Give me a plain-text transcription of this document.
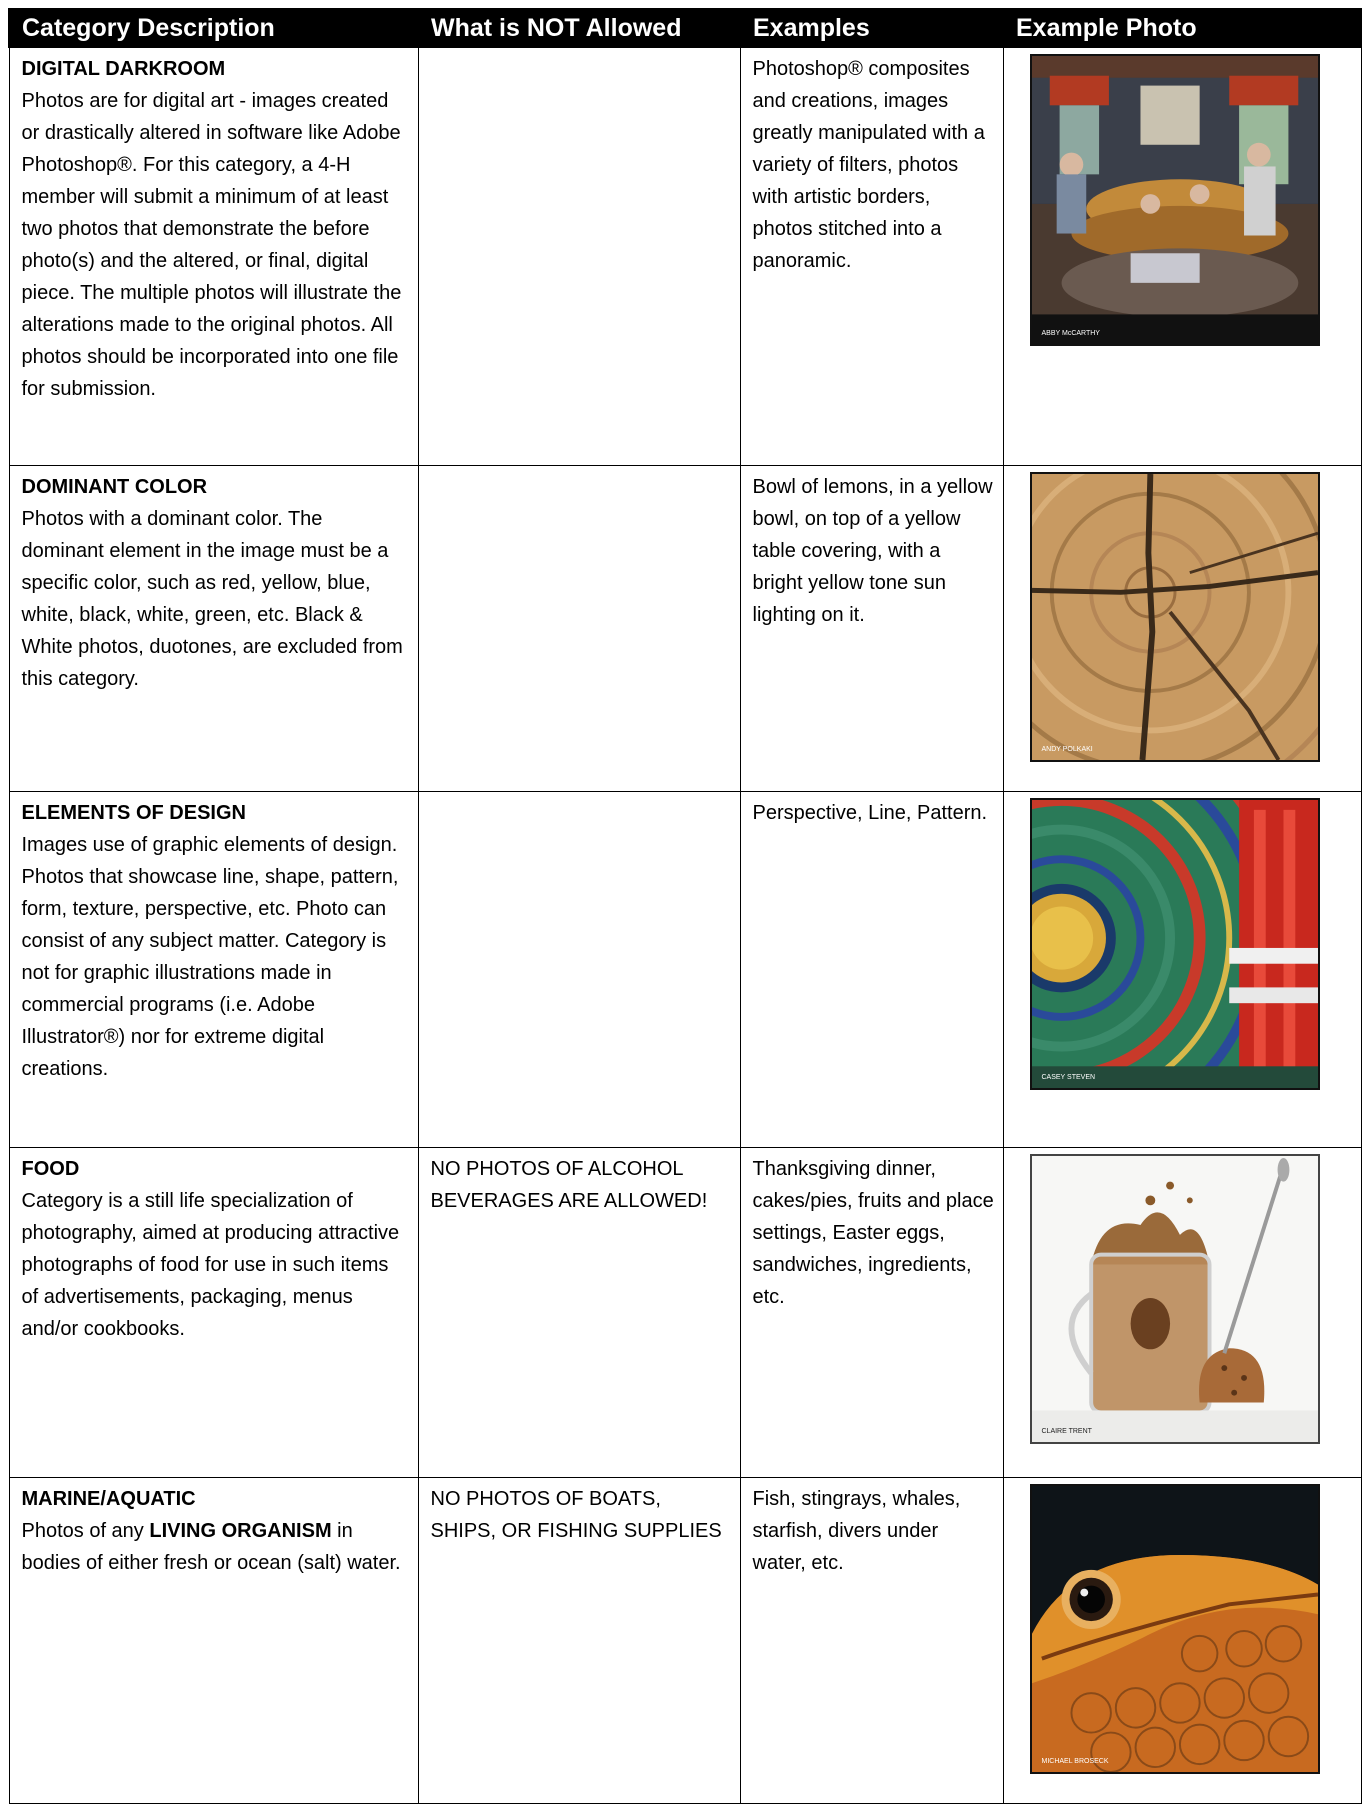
Category Description	What is NOT Allowed	Examples	Example Photo

DIGITAL DARKROOM
Photos are for digital art - images created or drastically altered in software like Adobe Photoshop®. For this category, a 4-H member will submit a minimum of at least two photos that demonstrate the before photo(s) and the altered, or final, digital piece. The multiple photos will illustrate the alterations made to the original photos. All photos should be incorporated into one file for submission.		Photoshop® composites and creations, images greatly manipulated with a variety of filters, photos with artistic borders, photos stitched into a panoramic.	ABBY McCARTHY

DOMINANT COLOR
Photos with a dominant color. The dominant element in the image must be a specific color, such as red, yellow, blue, white, black, white, green, etc. Black & White photos, duotones, are excluded from this category.		Bowl of lemons, in a yellow bowl, on top of a yellow table covering, with a bright yellow tone sun lighting on it.	ANDY POLKAKI

ELEMENTS OF DESIGN
Images use of graphic elements of design. Photos that showcase line, shape, pattern, form, texture, perspective, etc. Photo can consist of any subject matter. Category is not for graphic illustrations made in commercial programs (i.e. Adobe Illustrator®) nor for extreme digital creations.		Perspective, Line, Pattern.	CASEY STEVEN

FOOD
Category is a still life specialization of photography, aimed at producing attractive photographs of food for use in such items of advertisements, packaging, menus and/or cookbooks.	NO PHOTOS OF ALCOHOL BEVERAGES ARE ALLOWED!	Thanksgiving dinner, cakes/pies, fruits and place settings, Easter eggs, sandwiches, ingredients, etc.	CLAIRE TRENT

MARINE/AQUATIC
Photos of any LIVING ORGANISM in bodies of either fresh or ocean (salt) water.	NO PHOTOS OF BOATS, SHIPS, OR FISHING SUPPLIES	Fish, stingrays, whales, starfish, divers under water, etc.	MICHAEL BROSECK
